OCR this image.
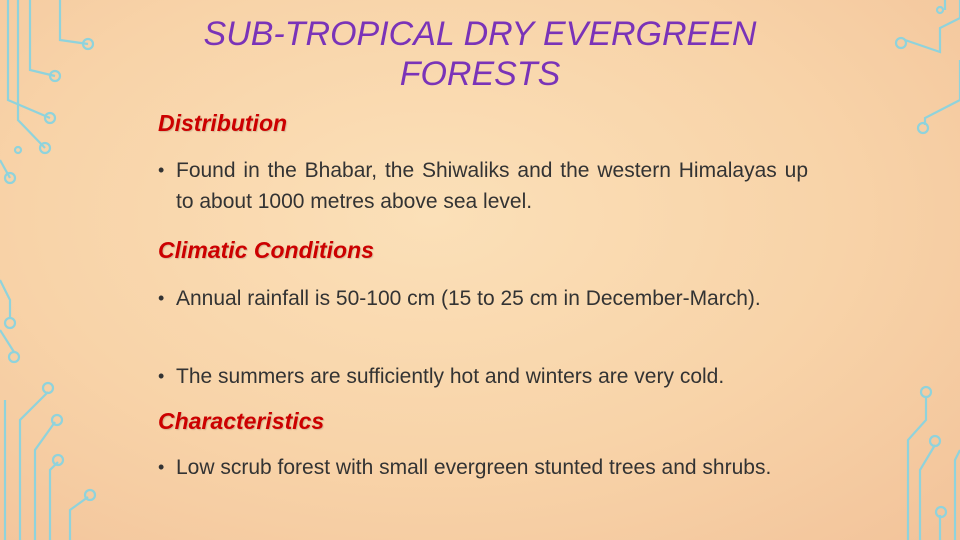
SUB-TROPICAL DRY EVERGREEN
FORESTS
Distribution
• Found in the Bhabar, the Shiwaliks and the western Himalayas up to about 1000 metres above sea level.
Climatic Conditions
• Annual rainfall is 50-100 cm (15 to 25 cm in December-March).
• The summers are sufficiently hot and winters are very cold.
Characteristics
• Low scrub forest with small evergreen stunted trees and shrubs.
